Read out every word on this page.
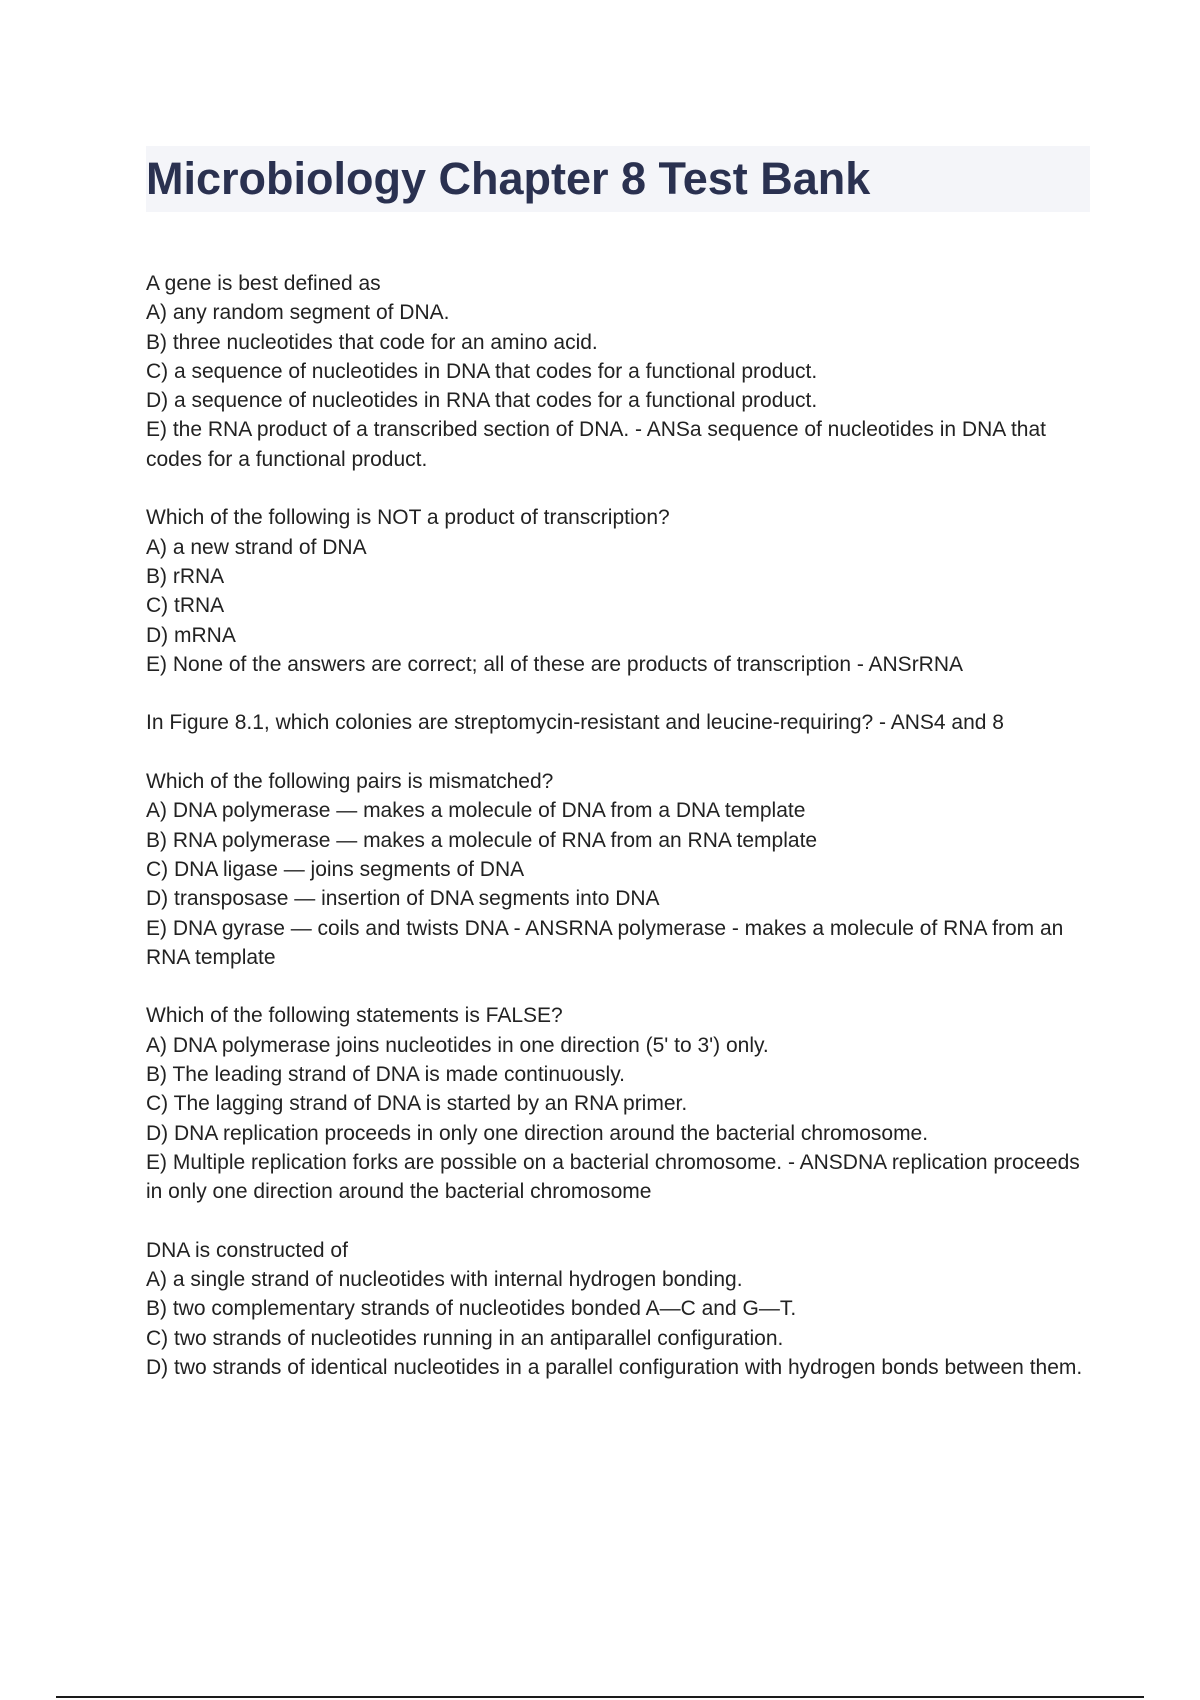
Microbiology Chapter 8 Test Bank
A gene is best defined as
A) any random segment of DNA.
B) three nucleotides that code for an amino acid.
C) a sequence of nucleotides in DNA that codes for a functional product.
D) a sequence of nucleotides in RNA that codes for a functional product.
E) the RNA product of a transcribed section of DNA. - ANSa sequence of nucleotides in DNA that codes for a functional product.
Which of the following is NOT a product of transcription?
A) a new strand of DNA
B) rRNA
C) tRNA
D) mRNA
E) None of the answers are correct; all of these are products of transcription - ANSrRNA
In Figure 8.1, which colonies are streptomycin-resistant and leucine-requiring? - ANS4 and 8
Which of the following pairs is mismatched?
A) DNA polymerase — makes a molecule of DNA from a DNA template
B) RNA polymerase — makes a molecule of RNA from an RNA template
C) DNA ligase — joins segments of DNA
D) transposase — insertion of DNA segments into DNA
E) DNA gyrase — coils and twists DNA - ANSRNA polymerase - makes a molecule of RNA from an RNA template
Which of the following statements is FALSE?
A) DNA polymerase joins nucleotides in one direction (5' to 3') only.
B) The leading strand of DNA is made continuously.
C) The lagging strand of DNA is started by an RNA primer.
D) DNA replication proceeds in only one direction around the bacterial chromosome.
E) Multiple replication forks are possible on a bacterial chromosome. - ANSDNA replication proceeds in only one direction around the bacterial chromosome
DNA is constructed of
A) a single strand of nucleotides with internal hydrogen bonding.
B) two complementary strands of nucleotides bonded A—C and G—T.
C) two strands of nucleotides running in an antiparallel configuration.
D) two strands of identical nucleotides in a parallel configuration with hydrogen bonds between them.
